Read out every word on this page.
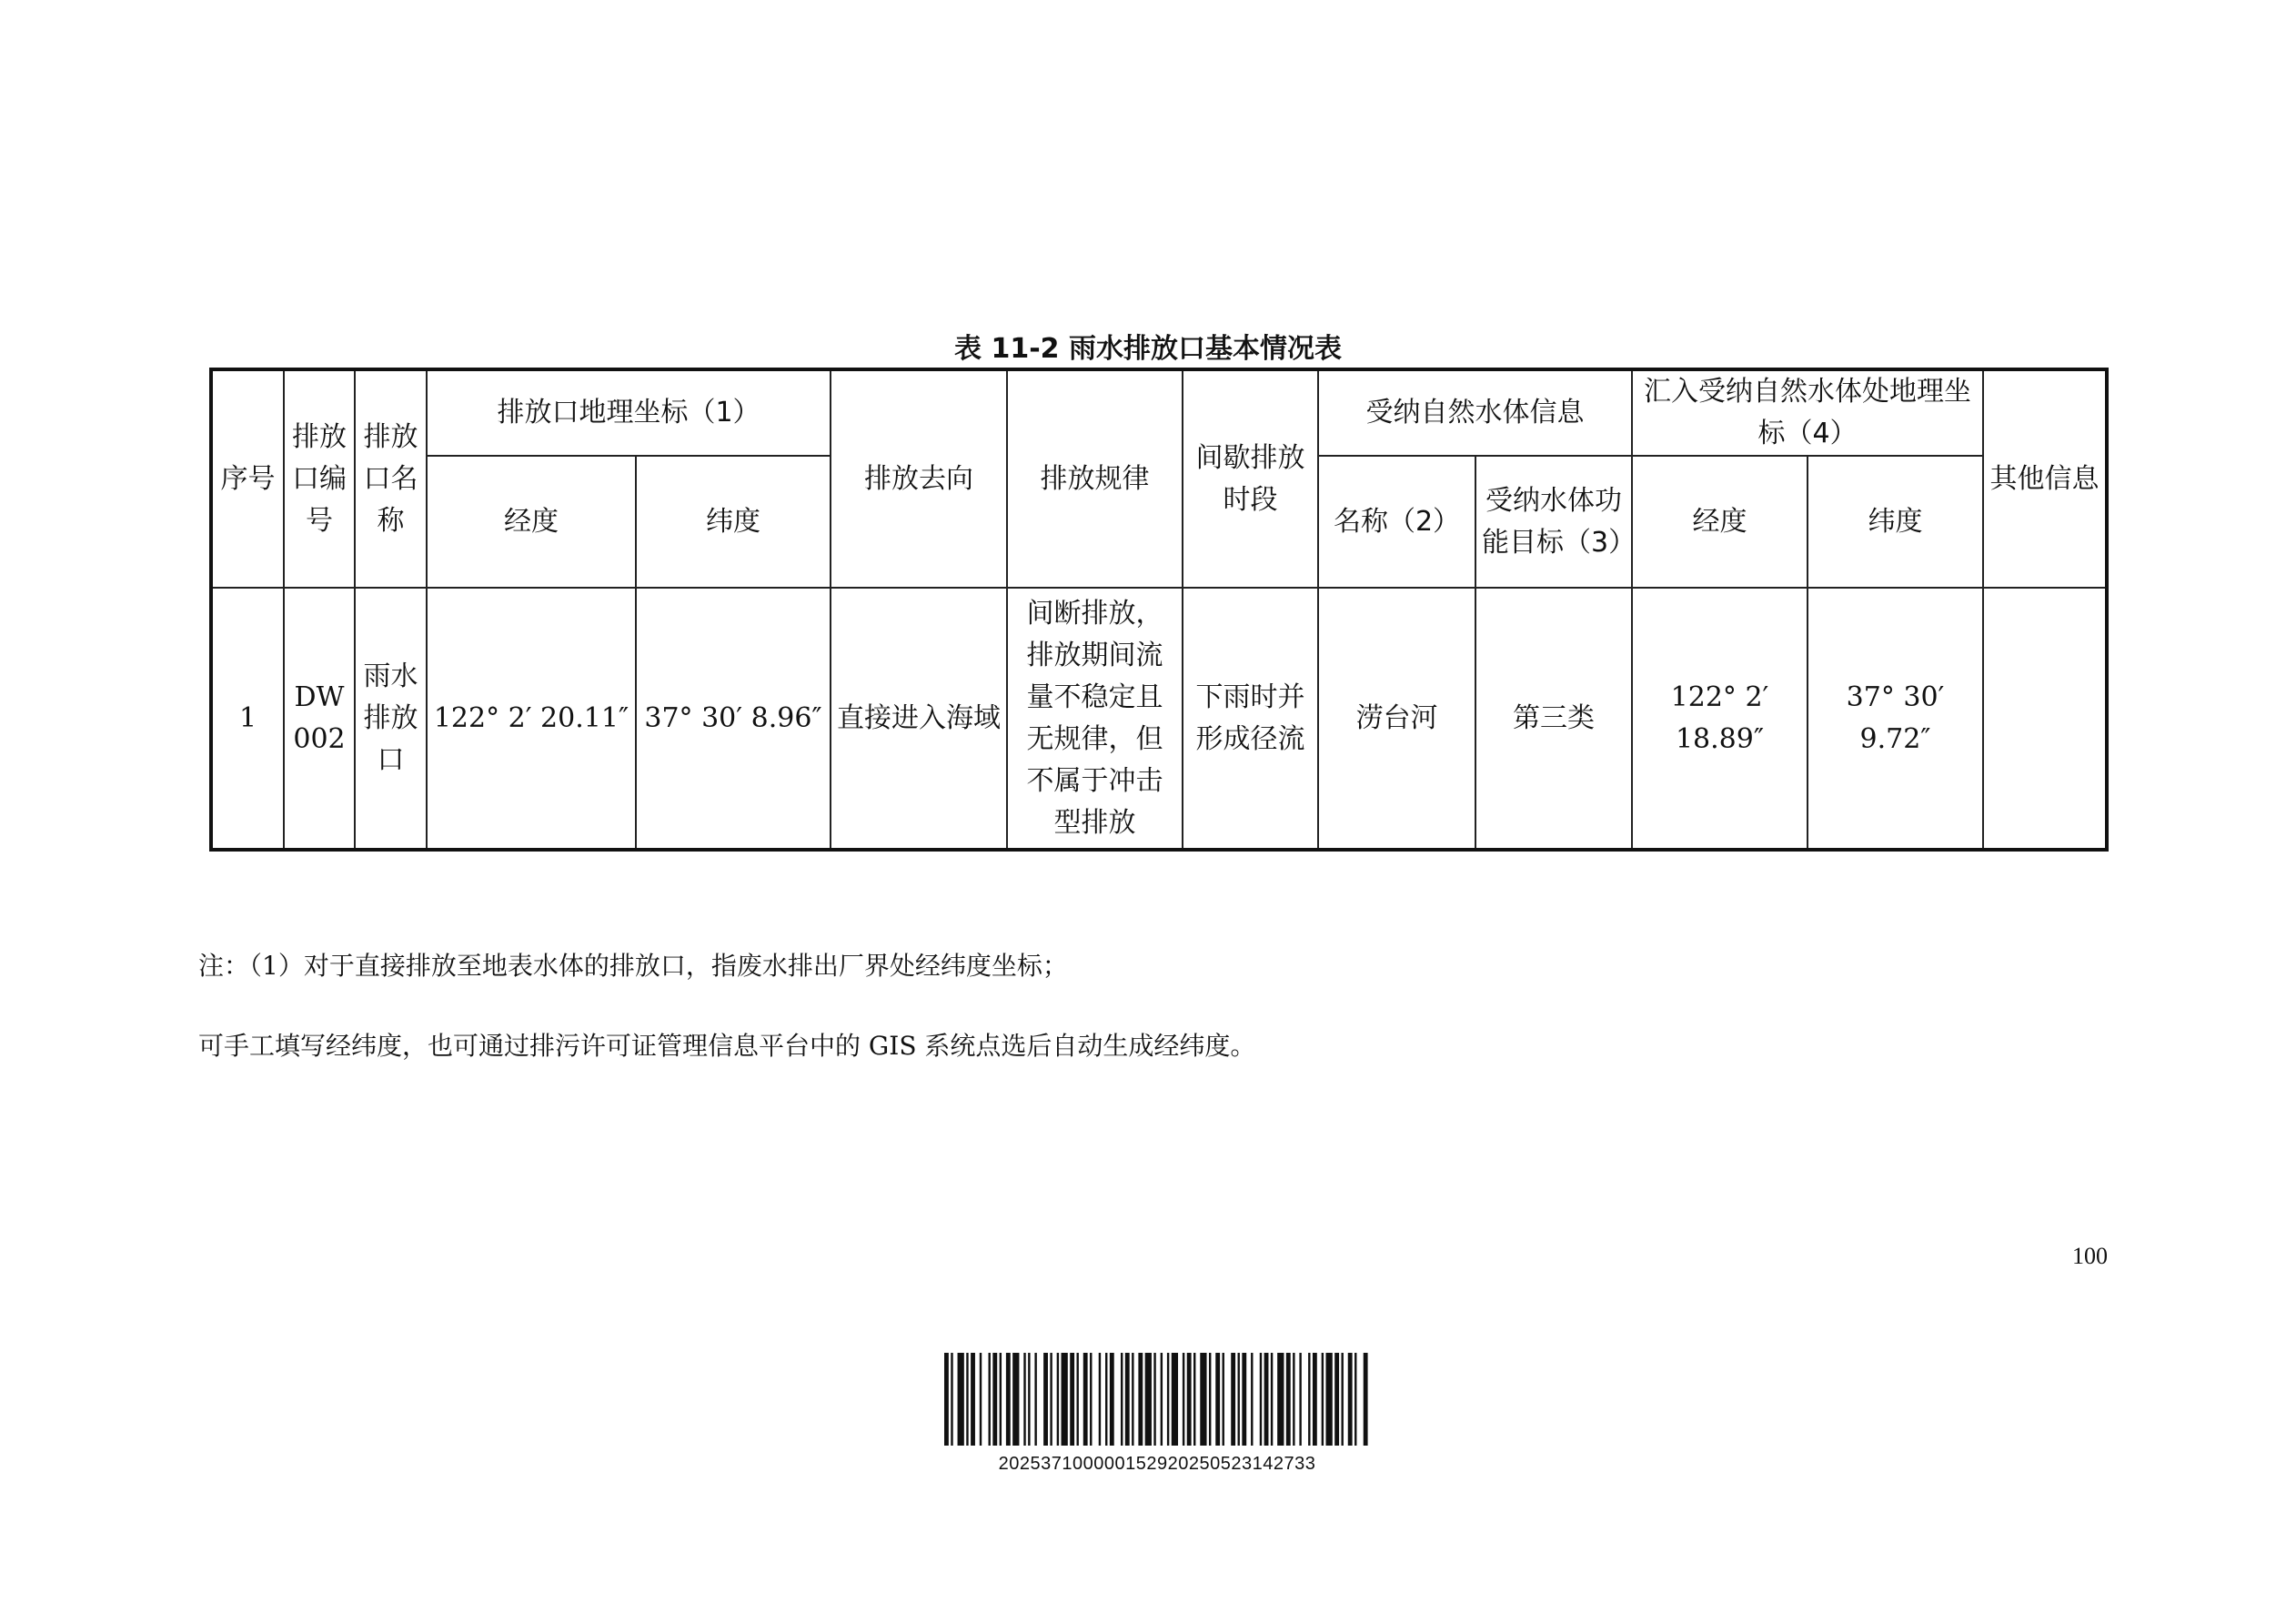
表 11-2 雨水排放口基本情况表
序号	排放口编号	排放口名称	排放口地理坐标（1）		排放去向	排放规律	间歇排放时段	受纳自然水体信息		汇入受纳自然水体处地理坐标（4）		其他信息
			经度	纬度				名称（2）	受纳水体功能目标（3）	经度	纬度	
1	DW002	雨水排放口	122° 2′ 20.11″	37° 30′ 8.96″	直接进入海域	间断排放，排放期间流量不稳定且无规律，但不属于冲击型排放	下雨时并形成径流	涝台河	第三类	122° 2′ 18.89″	37° 30′ 9.72″	
注：（1）对于直接排放至地表水体的排放口，指废水排出厂界处经纬度坐标；
可手工填写经纬度，也可通过排污许可证管理信息平台中的 GIS 系统点选后自动生成经纬度。
100
20253710000015292025052314273​3
